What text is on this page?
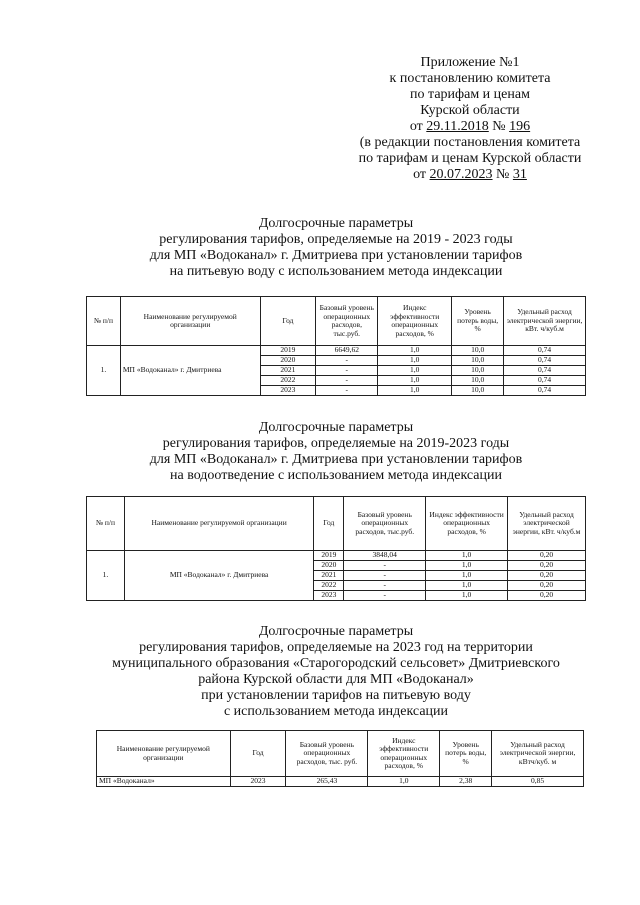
Приложение №1
к постановлению комитета
по тарифам и ценам
Курской области
от 29.11.2018 № 196
(в редакции постановления комитета
по тарифам и ценам Курской области
от 20.07.2023 № 31
Долгосрочные параметры
регулирования тарифов, определяемые на 2019 - 2023 годы
для МП «Водоканал» г. Дмитриева при установлении тарифов
на питьевую воду с использованием метода индексации
№ п/п	Наименование регулируемой организации	Год	Базовый уровень операционных расходов, тыс.руб.	Индекс эффективности операционных расходов, %	Уровень потерь воды, %	Удельный расход электрической энергии, кВт. ч/куб.м
1.	МП «Водоканал» г. Дмитриева	2019	6649,62	1,0	10,0	0,74
		2020	-	1,0	10,0	0,74
		2021	-	1,0	10,0	0,74
		2022	-	1,0	10,0	0,74
		2023	-	1,0	10,0	0,74
Долгосрочные параметры
регулирования тарифов, определяемые на 2019-2023 годы
для МП «Водоканал» г. Дмитриева при установлении тарифов
на водоотведение с использованием метода индексации
№ п/п	Наименование регулируемой организации	Год	Базовый уровень операционных расходов, тыс.руб.	Индекс эффективности операционных расходов, %	Удельный расход электрической энергии, кВт. ч/куб.м
1.	МП «Водоканал» г. Дмитриева	2019	3848,04	1,0	0,20
		2020	-	1,0	0,20
		2021	-	1,0	0,20
		2022	-	1,0	0,20
		2023	-	1,0	0,20
Долгосрочные параметры
регулирования тарифов, определяемые на 2023 год на территории
муниципального образования «Старогородский сельсовет» Дмитриевского
района Курской области для МП «Водоканал»
при установлении тарифов на питьевую воду
с использованием метода индексации
Наименование регулируемой организации	Год	Базовый уровень операционных расходов, тыс. руб.	Индекс эффективности операционных расходов, %	Уровень потерь воды, %	Удельный расход электрической энергии, кВтч/куб. м
МП «Водоканал»	2023	265,43	1,0	2,38	0,85
